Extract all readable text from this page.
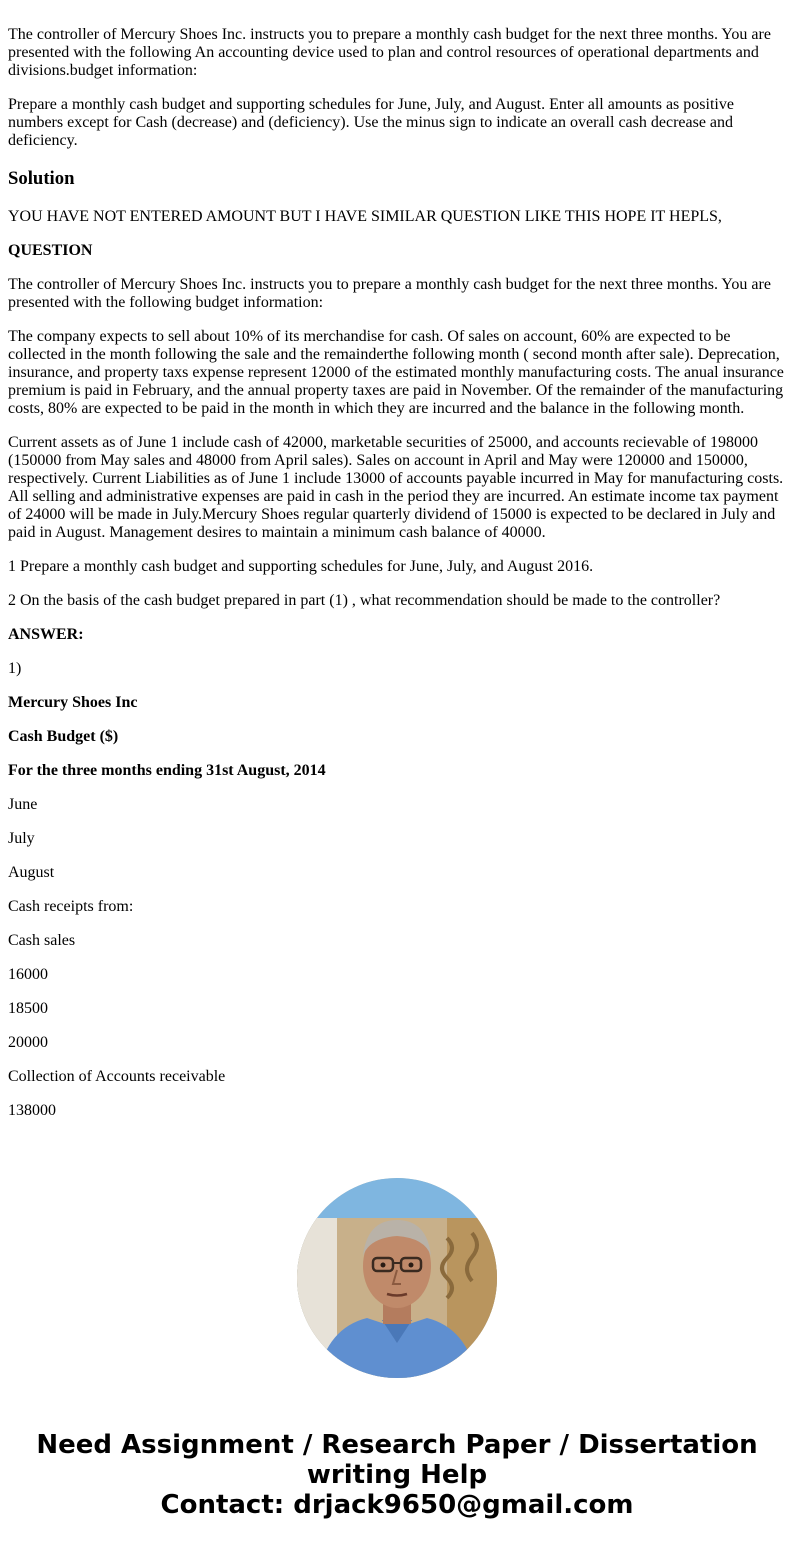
The controller of Mercury Shoes Inc. instructs you to prepare a monthly cash budget for the next three months. You are presented with the following An accounting device used to plan and control resources of operational departments and divisions.budget information:

Prepare a monthly cash budget and supporting schedules for June, July, and August. Enter all amounts as positive numbers except for Cash (decrease) and (deficiency). Use the minus sign to indicate an overall cash decrease and deficiency.

Solution

YOU HAVE NOT ENTERED AMOUNT BUT I HAVE SIMILAR QUESTION LIKE THIS HOPE IT HEPLS,

QUESTION

The controller of Mercury Shoes Inc. instructs you to prepare a monthly cash budget for the next three months. You are presented with the following budget information:

The company expects to sell about 10% of its merchandise for cash. Of sales on account, 60% are expected to be collected in the month following the sale and the remainderthe following month ( second month after sale). Deprecation, insurance, and property taxs expense represent 12000 of the estimated monthly manufacturing costs. The anual insurance premium is paid in February, and the annual property taxes are paid in November. Of the remainder of the manufacturing costs, 80% are expected to be paid in the month in which they are incurred and the balance in the following month.

Current assets as of June 1 include cash of 42000, marketable securities of 25000, and accounts recievable of 198000 (150000 from May sales and 48000 from April sales). Sales on account in April and May were 120000 and 150000, respectively. Current Liabilities as of June 1 include 13000 of accounts payable incurred in May for manufacturing costs. All selling and administrative expenses are paid in cash in the period they are incurred. An estimate income tax payment of 24000 will be made in July.Mercury Shoes regular quarterly dividend of 15000 is expected to be declared in July and paid in August. Management desires to maintain a minimum cash balance of 40000.

1 Prepare a monthly cash budget and supporting schedules for June, July, and August 2016.

2 On the basis of the cash budget prepared in part (1) , what recommendation should be made to the controller?

ANSWER:

1)

Mercury Shoes Inc

Cash Budget ($)

For the three months ending 31st August, 2014

June

July

August

Cash receipts from:

Cash sales

16000

18500

20000

Collection of Accounts receivable

138000

Need Assignment / Research Paper / Dissertation
writing Help
Contact: drjack9650@gmail.com
